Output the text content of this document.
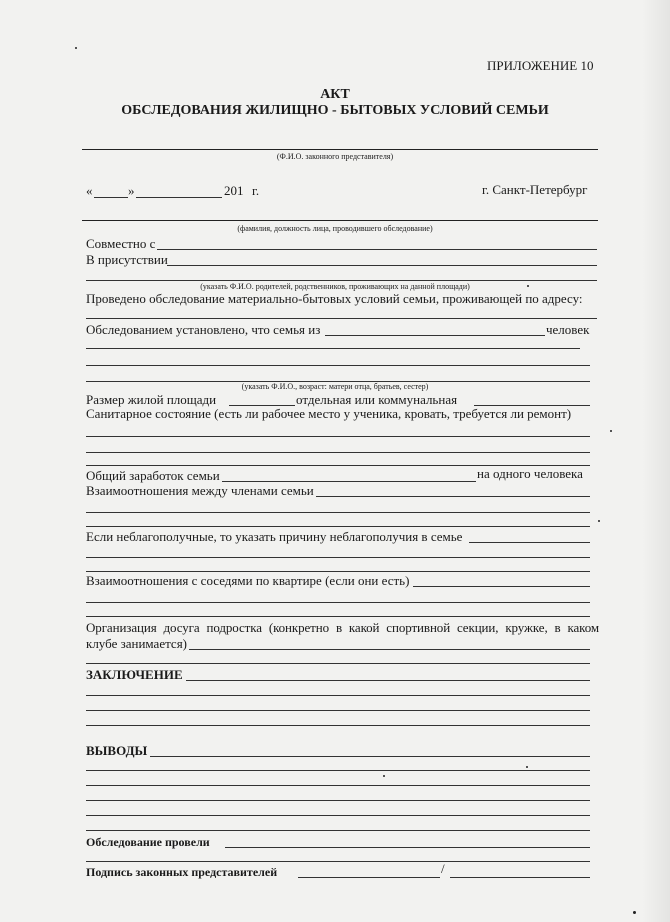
ПРИЛОЖЕНИЕ 10
АКТ
ОБСЛЕДОВАНИЯ ЖИЛИЩНО - БЫТОВЫХ УСЛОВИЙ СЕМЬИ
(Ф.И.О. законного представителя)
«	»	201 г.	г. Санкт-Петербург
(фамилия, должность лица, проводившего обследование)
Совместно с
В присутствии
(указать Ф.И.О. родителей, родственников, проживающих на данной площади)
Проведено обследование материально-бытовых условий семьи, проживающей по адресу:
Обследованием установлено, что семья из	человек
(указать Ф.И.О., возраст: матери отца, братьев, сестер)
Размер жилой площади	отдельная или коммунальная
Санитарное состояние (есть ли рабочее место у ученика, кровать, требуется ли ремонт)
Общий заработок семьи	на одного человека
Взаимоотношения между членами семьи
Если неблагополучные, то указать причину неблагополучия в семье
Взаимоотношения с соседями по квартире (если они есть)
Организация досуга подростка (конкретно в какой спортивной секции, кружке, в каком
клубе занимается)
ЗАКЛЮЧЕНИЕ
ВЫВОДЫ
Обследование провели
Подпись законных представителей	/
